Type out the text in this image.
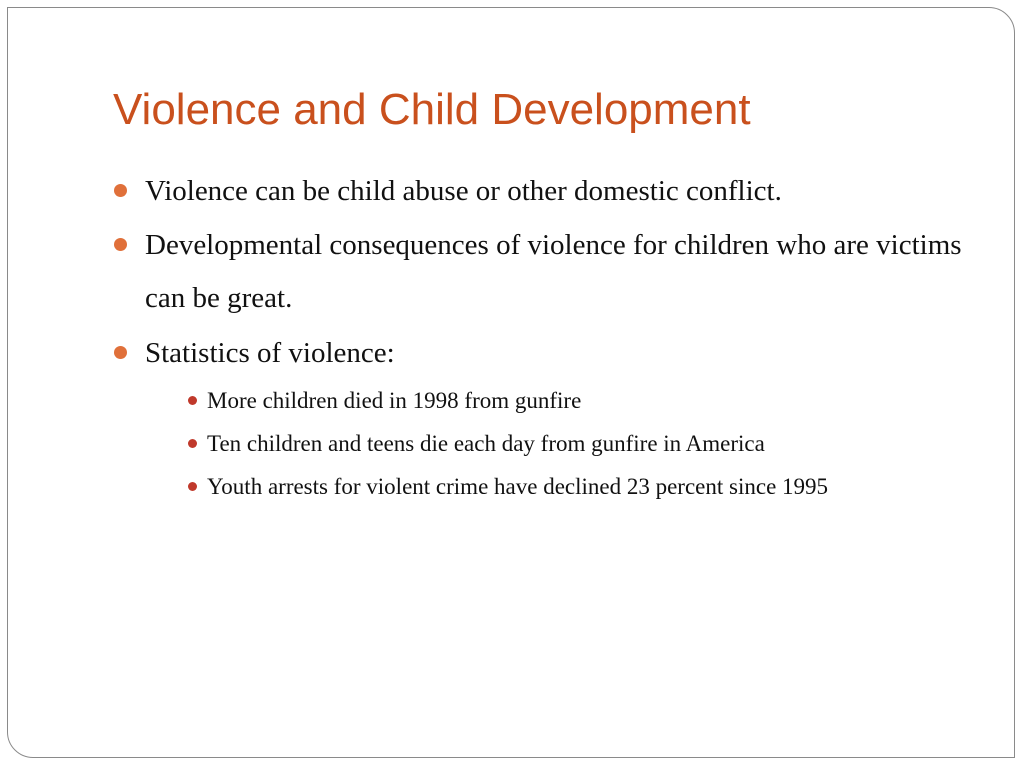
Violence and Child Development
Violence can be child abuse or other domestic conflict.
Developmental consequences of violence for children who are victims can be great.
Statistics of violence:
More children died in 1998 from gunfire
Ten children and teens die each day from gunfire in America
Youth arrests for violent crime have declined 23 percent since 1995
